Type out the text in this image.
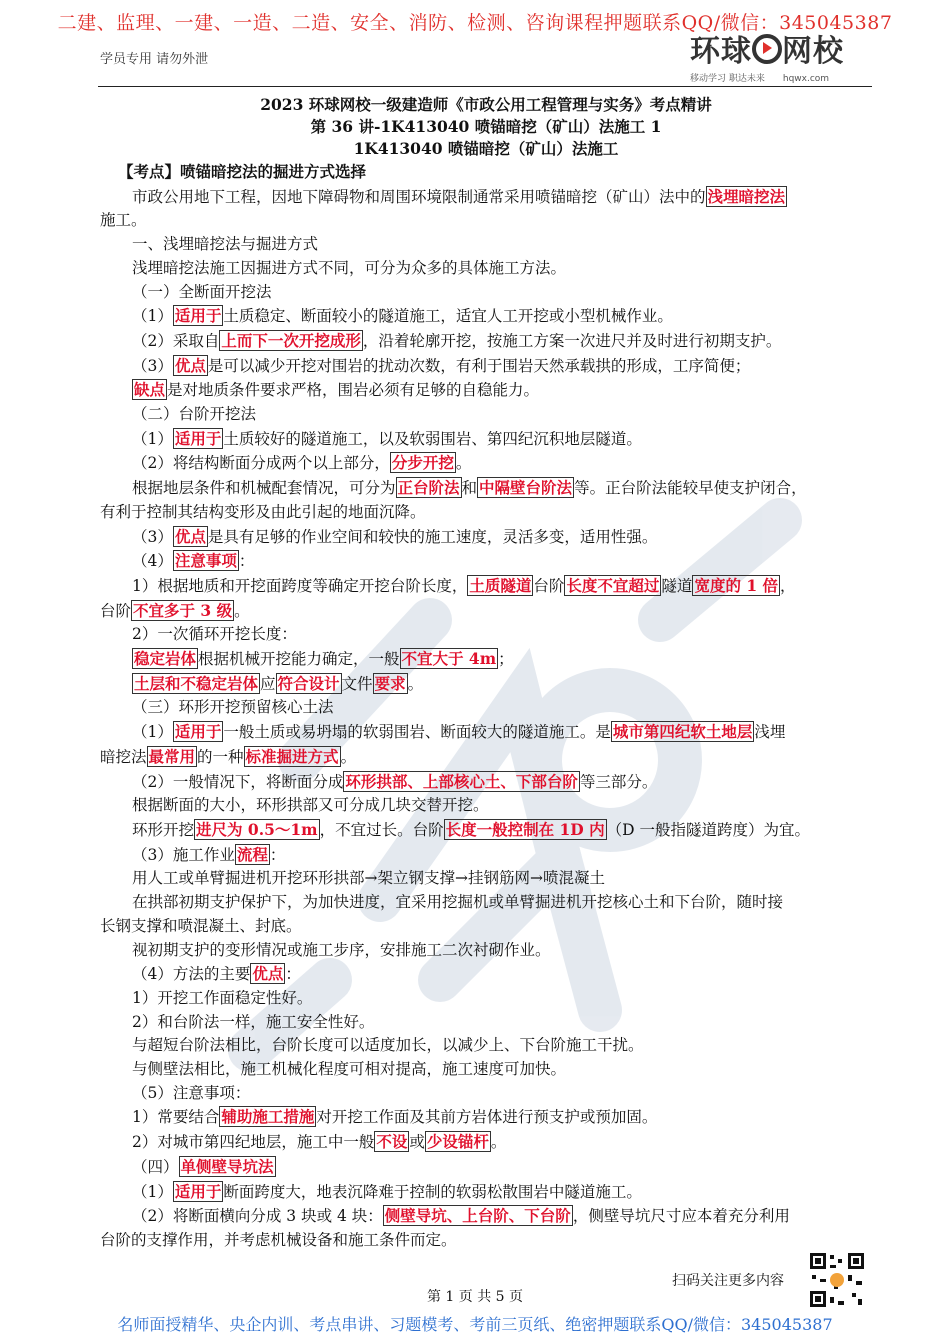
二建、监理、一建、一造、二造、安全、消防、检测、咨询课程押题联系QQ/微信：345045387
学员专用 请勿外泄	环球 网校
移动学习 职达未来 hqwx.com
2023 环球网校一级建造师《市政公用工程管理与实务》考点精讲
第 36 讲-1K413040 喷锚暗挖（矿山）法施工 1
1K413040 喷锚暗挖（矿山）法施工
【考点】喷锚暗挖法的掘进方式选择
市政公用地下工程，因地下障碍物和周围环境限制通常采用喷锚暗挖（矿山）法中的 浅埋暗挖法
施工。
一、浅埋暗挖法与掘进方式
浅埋暗挖法施工因掘进方式不同，可分为众多的具体施工方法。
（一）全断面开挖法
（1） 适用于 土质稳定、断面较小的隧道施工，适宜人工开挖或小型机械作业。
（2）采取自 上而下一次开挖成形 ，沿着轮廓开挖，按施工方案一次进尺并及时进行初期支护。
（3） 优点 是可以减少开挖对围岩的扰动次数，有利于围岩天然承载拱的形成，工序简便；
缺点 是对地质条件要求严格，围岩必须有足够的自稳能力。
（二）台阶开挖法
（1） 适用于 土质较好的隧道施工，以及软弱围岩、第四纪沉积地层隧道。
（2）将结构断面分成两个以上部分， 分步开挖 。
根据地层条件和机械配套情况，可分为 正台阶法 和 中隔壁台阶法 等。正台阶法能较早使支护闭合，
有利于控制其结构变形及由此引起的地面沉降。
（3） 优点 是具有足够的作业空间和较快的施工速度，灵活多变，适用性强。
（4） 注意事项 ：
1）根据地质和开挖面跨度等确定开挖台阶长度， 土质隧道 台阶 长度不宜超过 隧道 宽度的 1 倍 ，
台阶 不宜多于 3 级 。
2）一次循环开挖长度：
稳定岩体 根据机械开挖能力确定，一般 不宜大于 4m ；
土层和不稳定岩体 应 符合设计 文件 要求 。
（三）环形开挖预留核心土法
（1） 适用于 一般土质或易坍塌的软弱围岩、断面较大的隧道施工。是 城市第四纪软土地层 浅埋
暗挖法 最常用 的一种 标准掘进方式 。
（2）一般情况下，将断面分成 环形拱部、上部核心土、下部台阶 等三部分。
根据断面的大小，环形拱部又可分成几块交替开挖。
环形开挖 进尺为 0.5～1m ，不宜过长。台阶 长度一般控制在 1D 内 （D 一般指隧道跨度）为宜。
（3）施工作业 流程 ：
用人工或单臂掘进机开挖环形拱部→架立钢支撑→挂钢筋网→喷混凝土
在拱部初期支护保护下，为加快进度，宜采用挖掘机或单臂掘进机开挖核心土和下台阶，随时接
长钢支撑和喷混凝土、封底。
视初期支护的变形情况或施工步序，安排施工二次衬砌作业。
（4）方法的主要 优点 ：
1）开挖工作面稳定性好。
2）和台阶法一样，施工安全性好。
与超短台阶法相比，台阶长度可以适度加长，以减少上、下台阶施工干扰。
与侧壁法相比，施工机械化程度可相对提高，施工速度可加快。
（5）注意事项：
1）常要结合 辅助施工措施 对开挖工作面及其前方岩体进行预支护或预加固。
2）对城市第四纪地层，施工中一般 不设 或 少设锚杆 。
（四） 单侧壁导坑法
（1） 适用于 断面跨度大，地表沉降难于控制的软弱松散围岩中隧道施工。
（2）将断面横向分成 3 块或 4 块： 侧壁导坑、上台阶、下台阶 ，侧壁导坑尺寸应本着充分利用
台阶的支撑作用，并考虑机械设备和施工条件而定。
扫码关注更多内容
第 1 页 共 5 页
名师面授精华、央企内训、考点串讲、习题模考、考前三页纸、绝密押题联系QQ/微信：345045387
